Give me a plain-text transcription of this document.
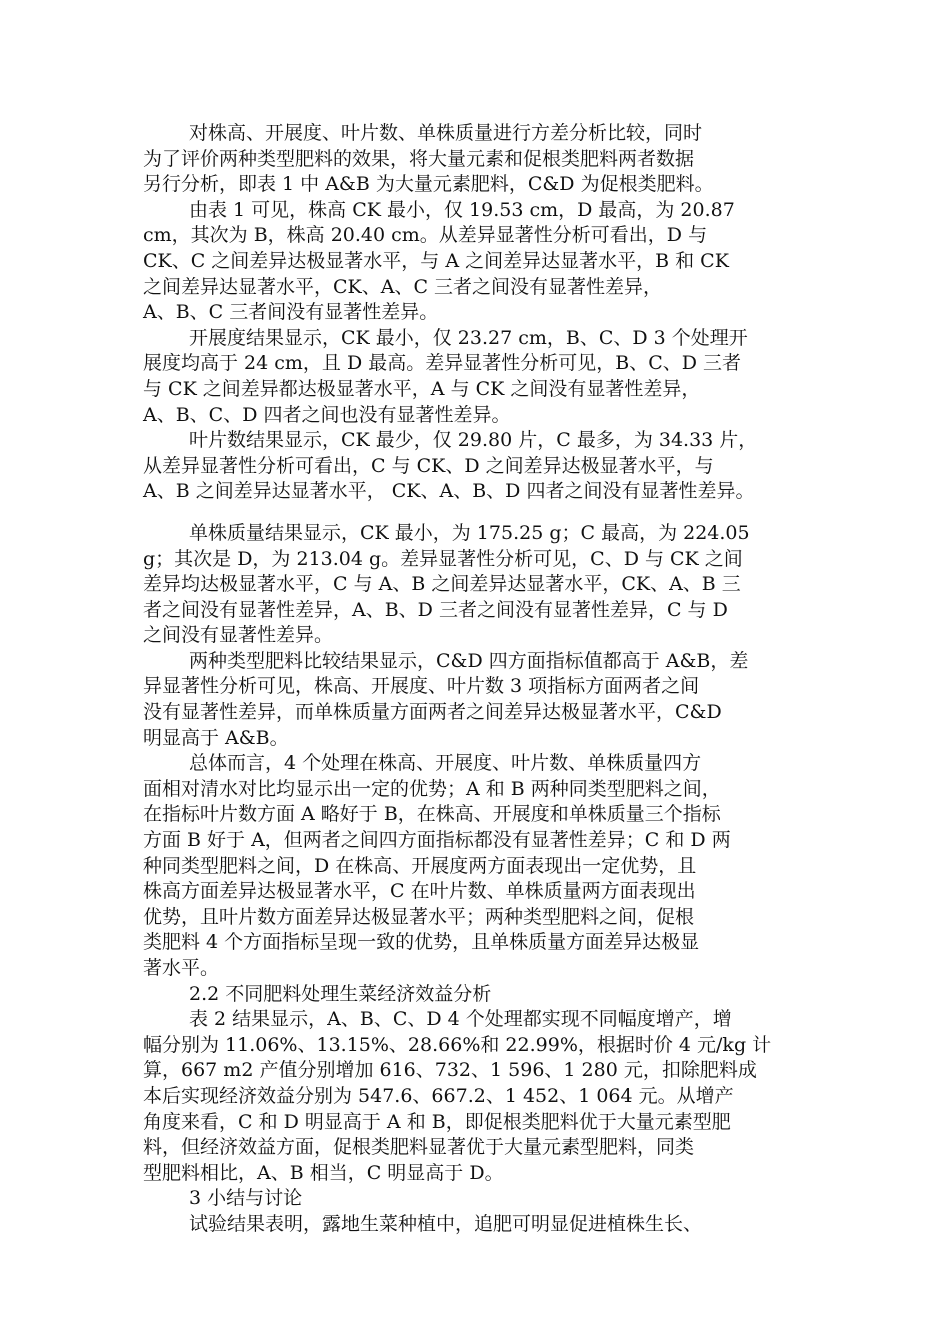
对株高、开展度、叶片数、单株质量进行方差分析比较，同时
为了评价两种类型肥料的效果，将大量元素和促根类肥料两者数据
另行分析，即表 1 中 A&B 为大量元素肥料，C&D 为促根类肥料。
由表 1 可见，株高 CK 最小，仅 19.53 cm，D 最高，为 20.87
cm，其次为 B，株高 20.40 cm。从差异显著性分析可看出，D 与
CK、C 之间差异达极显著水平，与 A 之间差异达显著水平，B 和 CK
之间差异达显著水平，CK、A、C 三者之间没有显著性差异，
A、B、C 三者间没有显著性差异。
开展度结果显示，CK 最小，仅 23.27 cm，B、C、D 3 个处理开
展度均高于 24 cm，且 D 最高。差异显著性分析可见，B、C、D 三者
与 CK 之间差异都达极显著水平，A 与 CK 之间没有显著性差异，
A、B、C、D 四者之间也没有显著性差异。
叶片数结果显示，CK 最少，仅 29.80 片，C 最多，为 34.33 片，
从差异显著性分析可看出，C 与 CK、D 之间差异达极显著水平，与
A、B 之间差异达显著水平， CK、A、B、D 四者之间没有显著性差异。
单株质量结果显示，CK 最小，为 175.25 g；C 最高，为 224.05
g；其次是 D，为 213.04 g。差异显著性分析可见，C、D 与 CK 之间
差异均达极显著水平，C 与 A、B 之间差异达显著水平，CK、A、B 三
者之间没有显著性差异，A、B、D 三者之间没有显著性差异，C 与 D
之间没有显著性差异。
两种类型肥料比较结果显示，C&D 四方面指标值都高于 A&B，差
异显著性分析可见，株高、开展度、叶片数 3 项指标方面两者之间
没有显著性差异，而单株质量方面两者之间差异达极显著水平，C&D
明显高于 A&B。
总体而言，4 个处理在株高、开展度、叶片数、单株质量四方
面相对清水对比均显示出一定的优势；A 和 B 两种同类型肥料之间，
在指标叶片数方面 A 略好于 B，在株高、开展度和单株质量三个指标
方面 B 好于 A，但两者之间四方面指标都没有显著性差异；C 和 D 两
种同类型肥料之间，D 在株高、开展度两方面表现出一定优势，且
株高方面差异达极显著水平，C 在叶片数、单株质量两方面表现出
优势，且叶片数方面差异达极显著水平；两种类型肥料之间，促根
类肥料 4 个方面指标呈现一致的优势，且单株质量方面差异达极显
著水平。
2.2 不同肥料处理生菜经济效益分析
表 2 结果显示，A、B、C、D 4 个处理都实现不同幅度增产，增
幅分别为 11.06%、13.15%、28.66%和 22.99%，根据时价 4 元/kg 计
算，667 m2 产值分别增加 616、732、1 596、1 280 元，扣除肥料成
本后实现经济效益分别为 547.6、667.2、1 452、1 064 元。从增产
角度来看，C 和 D 明显高于 A 和 B，即促根类肥料优于大量元素型肥
料，但经济效益方面，促根类肥料显著优于大量元素型肥料，同类
型肥料相比，A、B 相当，C 明显高于 D。
3 小结与讨论
试验结果表明，露地生菜种植中，追肥可明显促进植株生长、
